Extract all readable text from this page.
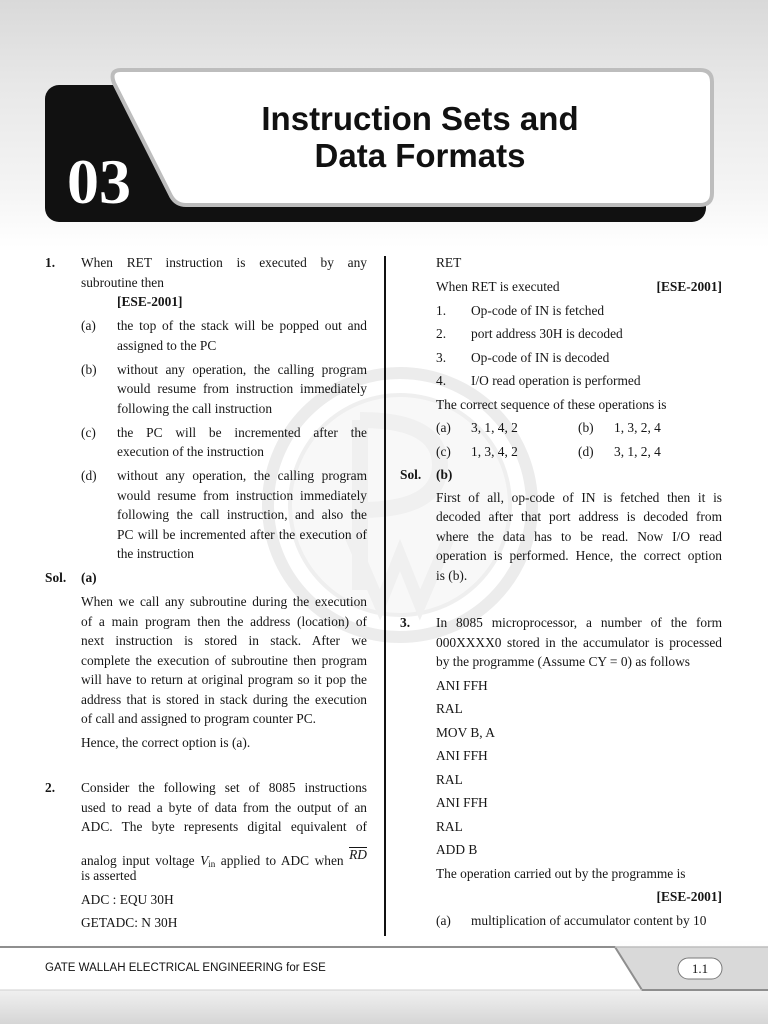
03
Instruction Sets and
Data Formats
1. When RET instruction is executed by any
subroutine then
[ESE-2001]
(a) the top of the stack will be popped out and
assigned to the PC
(b) without any operation, the calling program
would resume from instruction immediately
following the call instruction
(c) the PC will be incremented after the
execution of the instruction
(d) without any operation, the calling program
would resume from instruction immediately
following the call instruction, and also the
PC will be incremented after the execution of
the instruction
Sol. (a)
When we call any subroutine during the execution
of a main program then the address (location) of
next instruction is stored in stack. After we
complete the execution of subroutine then program
will have to return at original program so it pop the
address that is stored in stack during the execution
of call and assigned to program counter PC.
Hence, the correct option is (a).
2. Consider the following set of 8085 instructions
used to read a byte of data from the output of an
ADC. The byte represents digital equivalent of
analog input voltage $V_{in}$ applied to ADC when RD
is asserted
ADC : EQU 30H
GETADC: N 30H
RET
When RET is executed	[ESE-2001]
1. Op-code of IN is fetched
2. port address 30H is decoded
3. Op-code of IN is decoded
4. I/O read operation is performed
The correct sequence of these operations is
(a) 3, 1, 4, 2	(b) 1, 3, 2, 4
(c) 1, 3, 4, 2	(d) 3, 1, 2, 4
Sol. (b)
First of all, op-code of IN is fetched then it is
decoded after that port address is decoded from
where the data has to be read. Now I/O read
operation is performed. Hence, the correct option
is (b).
3. In 8085 microprocessor, a number of the form
000XXXX0 stored in the accumulator is processed
by the programme (Assume CY = 0) as follows
ANI FFH
RAL
MOV B, A
ANI FFH
RAL
ANI FFH
RAL
ADD B
The operation carried out by the programme is
[ESE-2001]
(a) multiplication of accumulator content by 10
GATE WALLAH ELECTRICAL ENGINEERING for ESE	1.1
